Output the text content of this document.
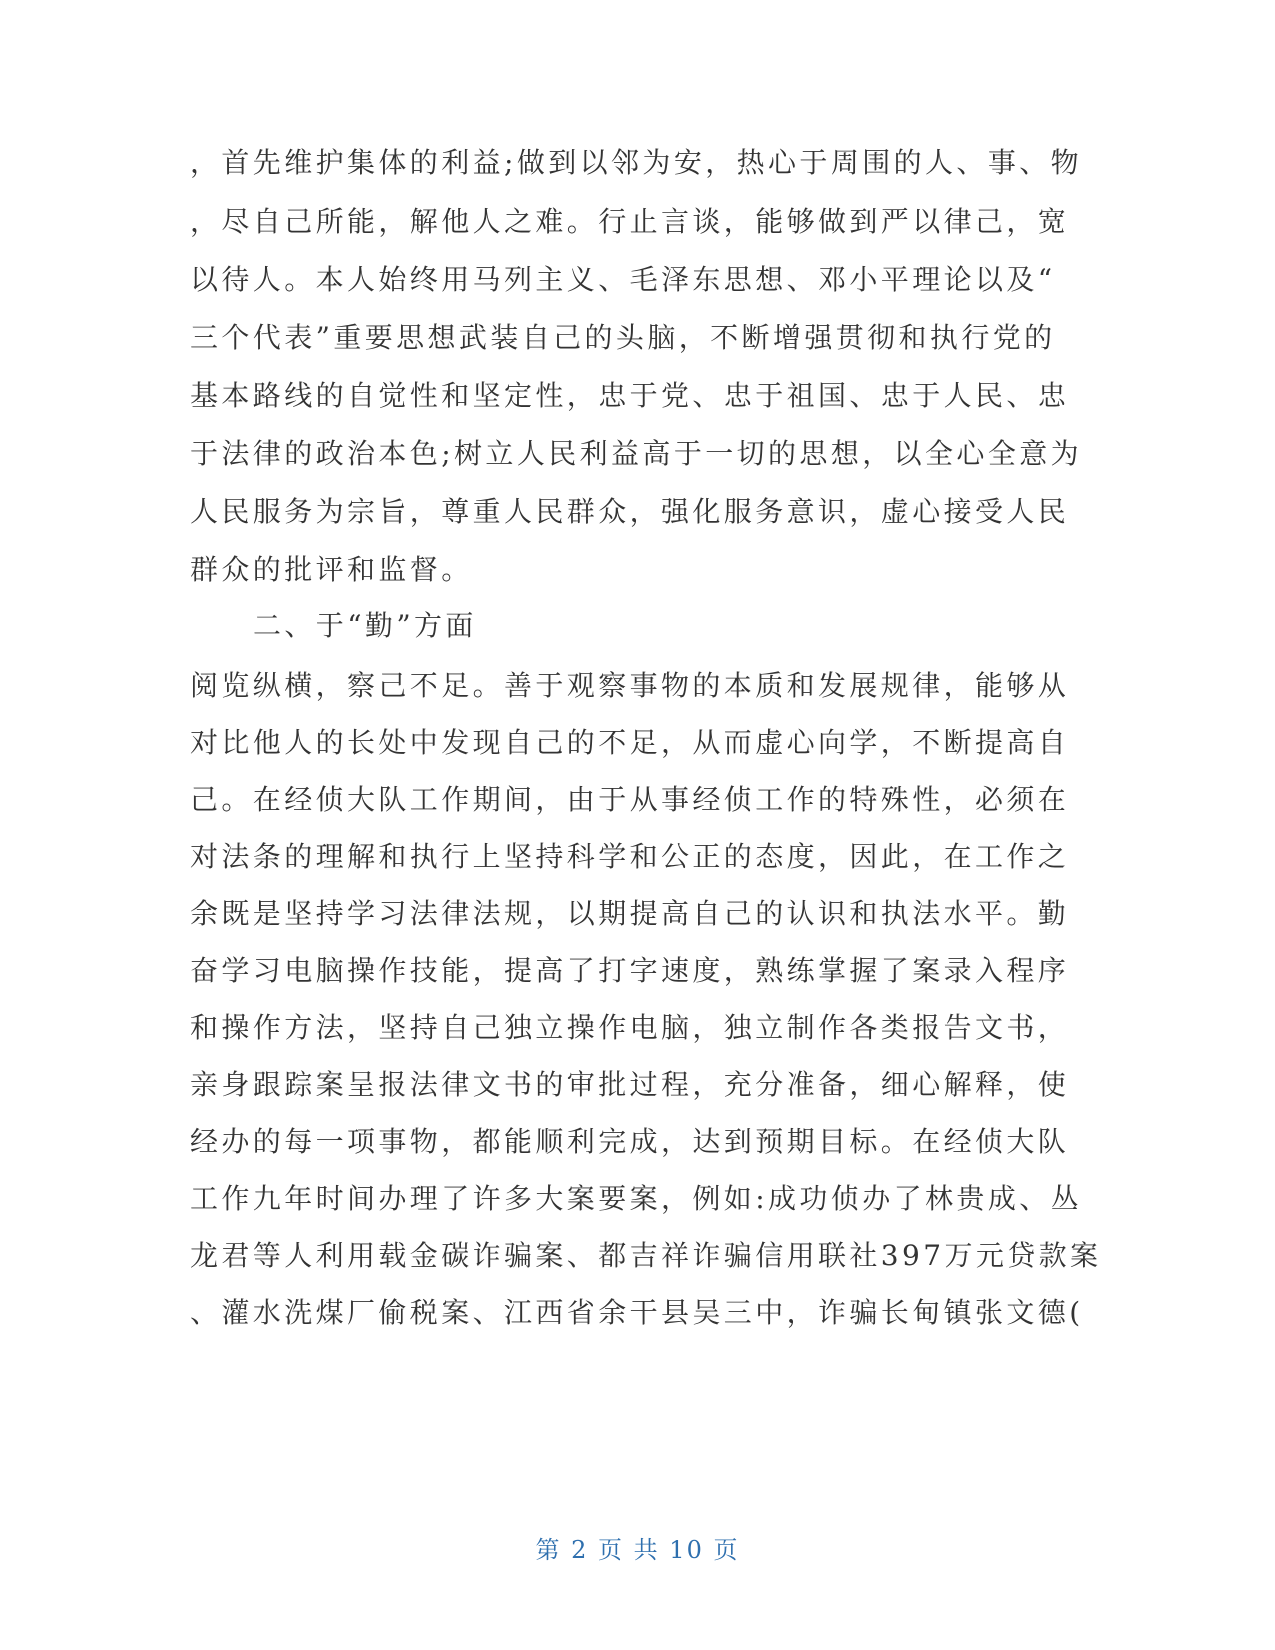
，首先维护集体的利益;做到以邻为安，热心于周围的人、事、物
，尽自己所能，解他人之难。行止言谈，能够做到严以律己，宽
以待人。本人始终用马列主义、毛泽东思想、邓小平理论以及“
三个代表”重要思想武装自己的头脑，不断增强贯彻和执行党的
基本路线的自觉性和坚定性，忠于党、忠于祖国、忠于人民、忠
于法律的政治本色;树立人民利益高于一切的思想，以全心全意为
人民服务为宗旨，尊重人民群众，强化服务意识，虚心接受人民
群众的批评和监督。
二、于“勤”方面
阅览纵横，察己不足。善于观察事物的本质和发展规律，能够从
对比他人的长处中发现自己的不足，从而虚心向学，不断提高自
己。在经侦大队工作期间，由于从事经侦工作的特殊性，必须在
对法条的理解和执行上坚持科学和公正的态度，因此，在工作之
余既是坚持学习法律法规，以期提高自己的认识和执法水平。勤
奋学习电脑操作技能，提高了打字速度，熟练掌握了案录入程序
和操作方法，坚持自己独立操作电脑，独立制作各类报告文书，
亲身跟踪案呈报法律文书的审批过程，充分准备，细心解释，使
经办的每一项事物，都能顺利完成，达到预期目标。在经侦大队
工作九年时间办理了许多大案要案，例如:成功侦办了林贵成、丛
龙君等人利用载金碳诈骗案、都吉祥诈骗信用联社397万元贷款案
、灌水洗煤厂偷税案、江西省余干县吴三中，诈骗长甸镇张文德(
第 2 页 共 10 页
